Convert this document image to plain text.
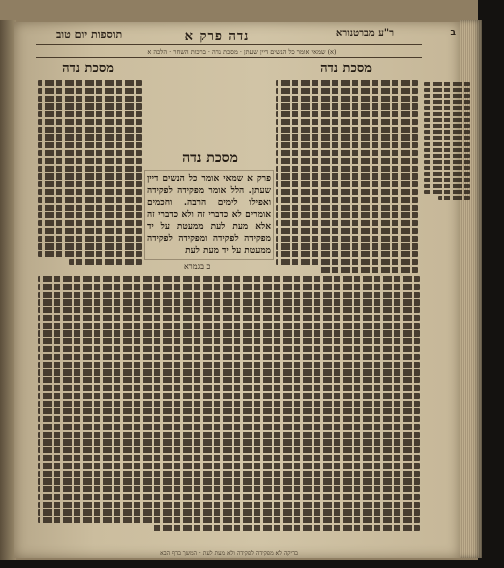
תוספות יום טוב	נדה פרק א	ר"ע מברטנורא	ב
(א) שמאי אומר כל הנשים דיין שעתן · מסכת נדה · ברכות השחר · הלכה א
מסכת נדה	מסכת נדה
מסכת נדה
פרק א שמאי אומר כל הנשים דיין שעתן. הלל אומר מפקידה לפקידה ואפילו לימים הרבה. וחכמים אומרים לא כדברי זה ולא כדברי זה אלא מעת לעת ממעטת על יד מפקידה לפקידה ומפקידה לפקידה ממעטת על יד מעת לעת
כ בגמרא
בדיקה לא מפקידה לפקידה ולא מעת לעת · המשך בדף הבא
